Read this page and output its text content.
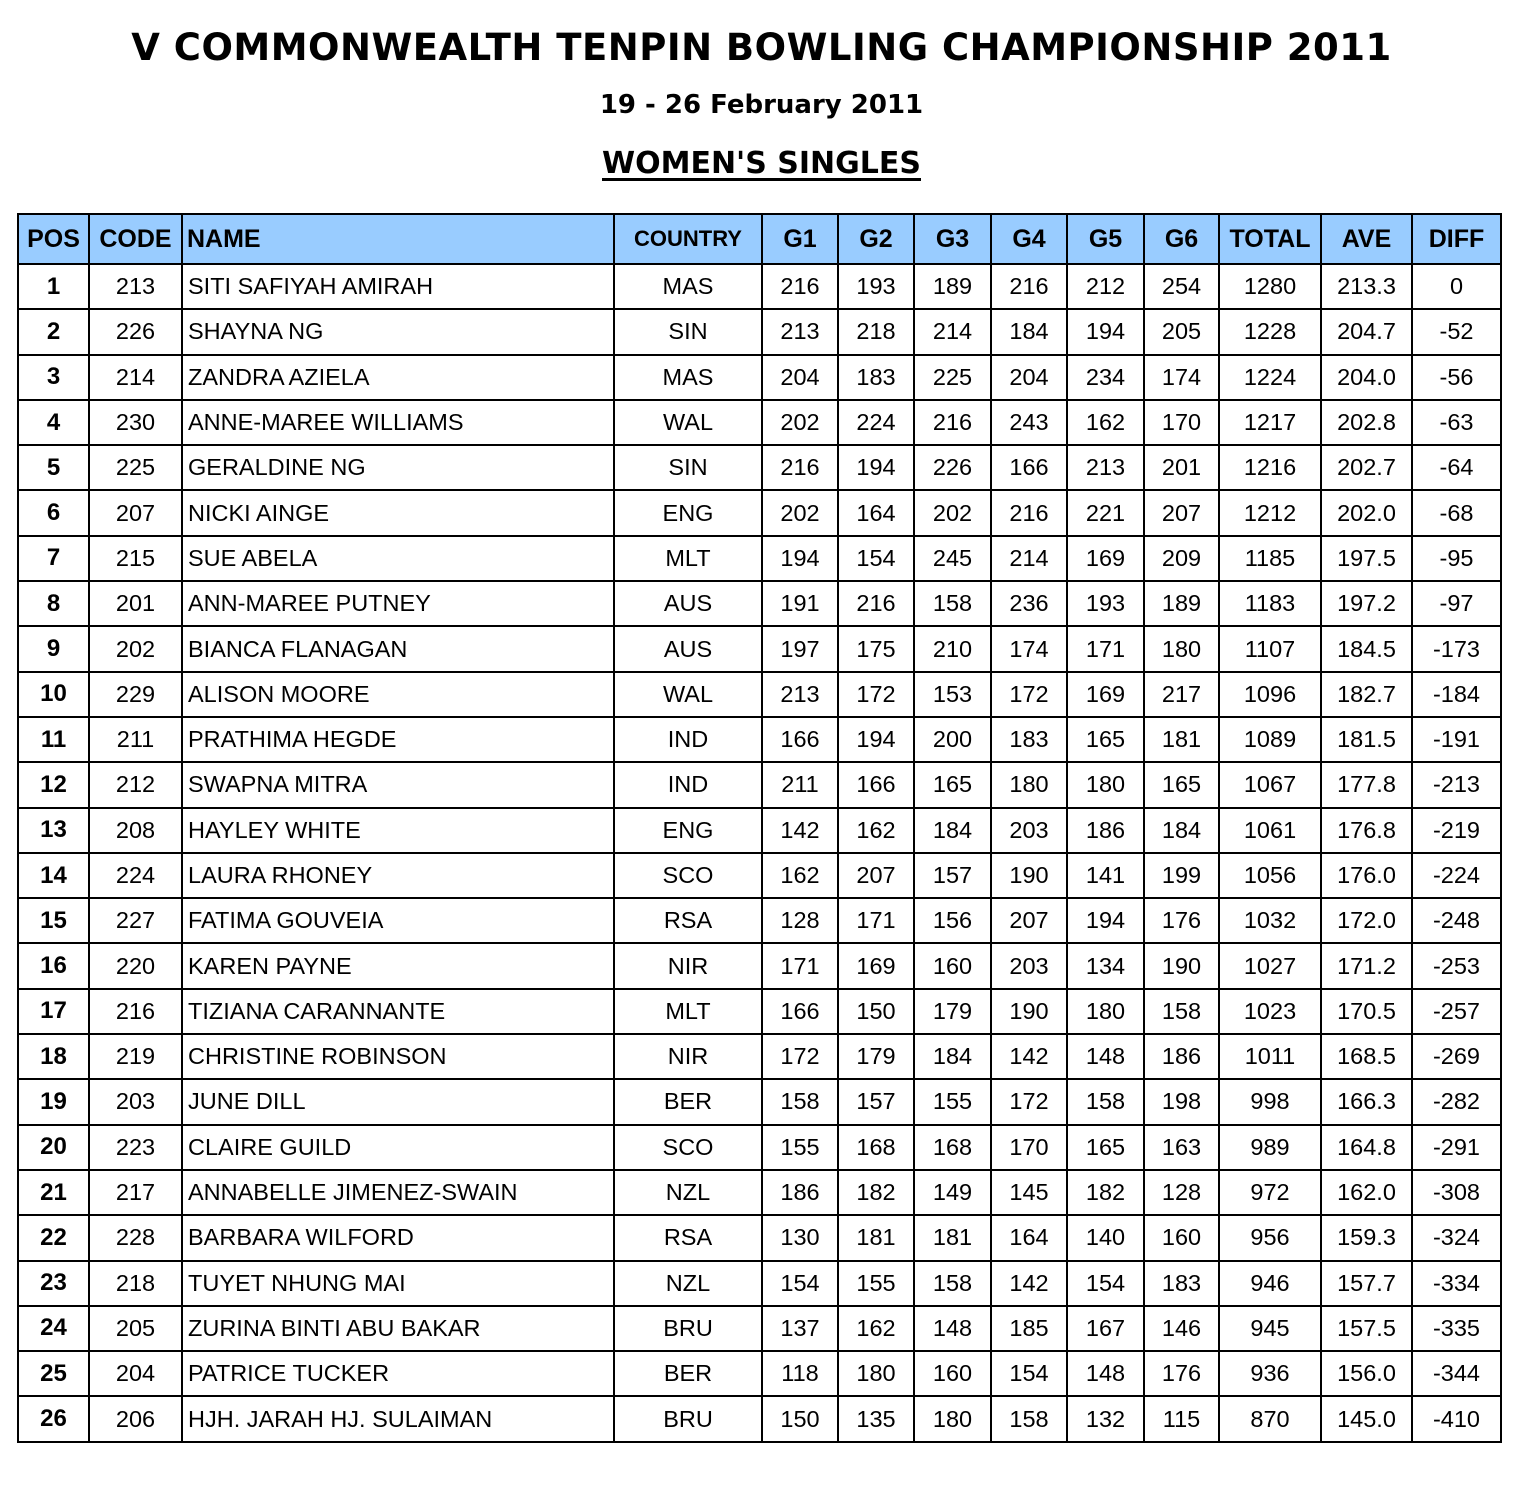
V COMMONWEALTH TENPIN BOWLING CHAMPIONSHIP 2011
19 - 26 February 2011
WOMEN'S SINGLES
POS	CODE	NAME	COUNTRY	G1	G2	G3	G4	G5	G6	TOTAL	AVE	DIFF
1	213	SITI SAFIYAH AMIRAH	MAS	216	193	189	216	212	254	1280	213.3	0
2	226	SHAYNA NG	SIN	213	218	214	184	194	205	1228	204.7	-52
3	214	ZANDRA AZIELA	MAS	204	183	225	204	234	174	1224	204.0	-56
4	230	ANNE-MAREE WILLIAMS	WAL	202	224	216	243	162	170	1217	202.8	-63
5	225	GERALDINE NG	SIN	216	194	226	166	213	201	1216	202.7	-64
6	207	NICKI AINGE	ENG	202	164	202	216	221	207	1212	202.0	-68
7	215	SUE ABELA	MLT	194	154	245	214	169	209	1185	197.5	-95
8	201	ANN-MAREE PUTNEY	AUS	191	216	158	236	193	189	1183	197.2	-97
9	202	BIANCA FLANAGAN	AUS	197	175	210	174	171	180	1107	184.5	-173
10	229	ALISON MOORE	WAL	213	172	153	172	169	217	1096	182.7	-184
11	211	PRATHIMA HEGDE	IND	166	194	200	183	165	181	1089	181.5	-191
12	212	SWAPNA MITRA	IND	211	166	165	180	180	165	1067	177.8	-213
13	208	HAYLEY WHITE	ENG	142	162	184	203	186	184	1061	176.8	-219
14	224	LAURA RHONEY	SCO	162	207	157	190	141	199	1056	176.0	-224
15	227	FATIMA GOUVEIA	RSA	128	171	156	207	194	176	1032	172.0	-248
16	220	KAREN PAYNE	NIR	171	169	160	203	134	190	1027	171.2	-253
17	216	TIZIANA CARANNANTE	MLT	166	150	179	190	180	158	1023	170.5	-257
18	219	CHRISTINE ROBINSON	NIR	172	179	184	142	148	186	1011	168.5	-269
19	203	JUNE DILL	BER	158	157	155	172	158	198	998	166.3	-282
20	223	CLAIRE GUILD	SCO	155	168	168	170	165	163	989	164.8	-291
21	217	ANNABELLE JIMENEZ-SWAIN	NZL	186	182	149	145	182	128	972	162.0	-308
22	228	BARBARA WILFORD	RSA	130	181	181	164	140	160	956	159.3	-324
23	218	TUYET NHUNG MAI	NZL	154	155	158	142	154	183	946	157.7	-334
24	205	ZURINA BINTI ABU BAKAR	BRU	137	162	148	185	167	146	945	157.5	-335
25	204	PATRICE TUCKER	BER	118	180	160	154	148	176	936	156.0	-344
26	206	HJH. JARAH HJ. SULAIMAN	BRU	150	135	180	158	132	115	870	145.0	-410
